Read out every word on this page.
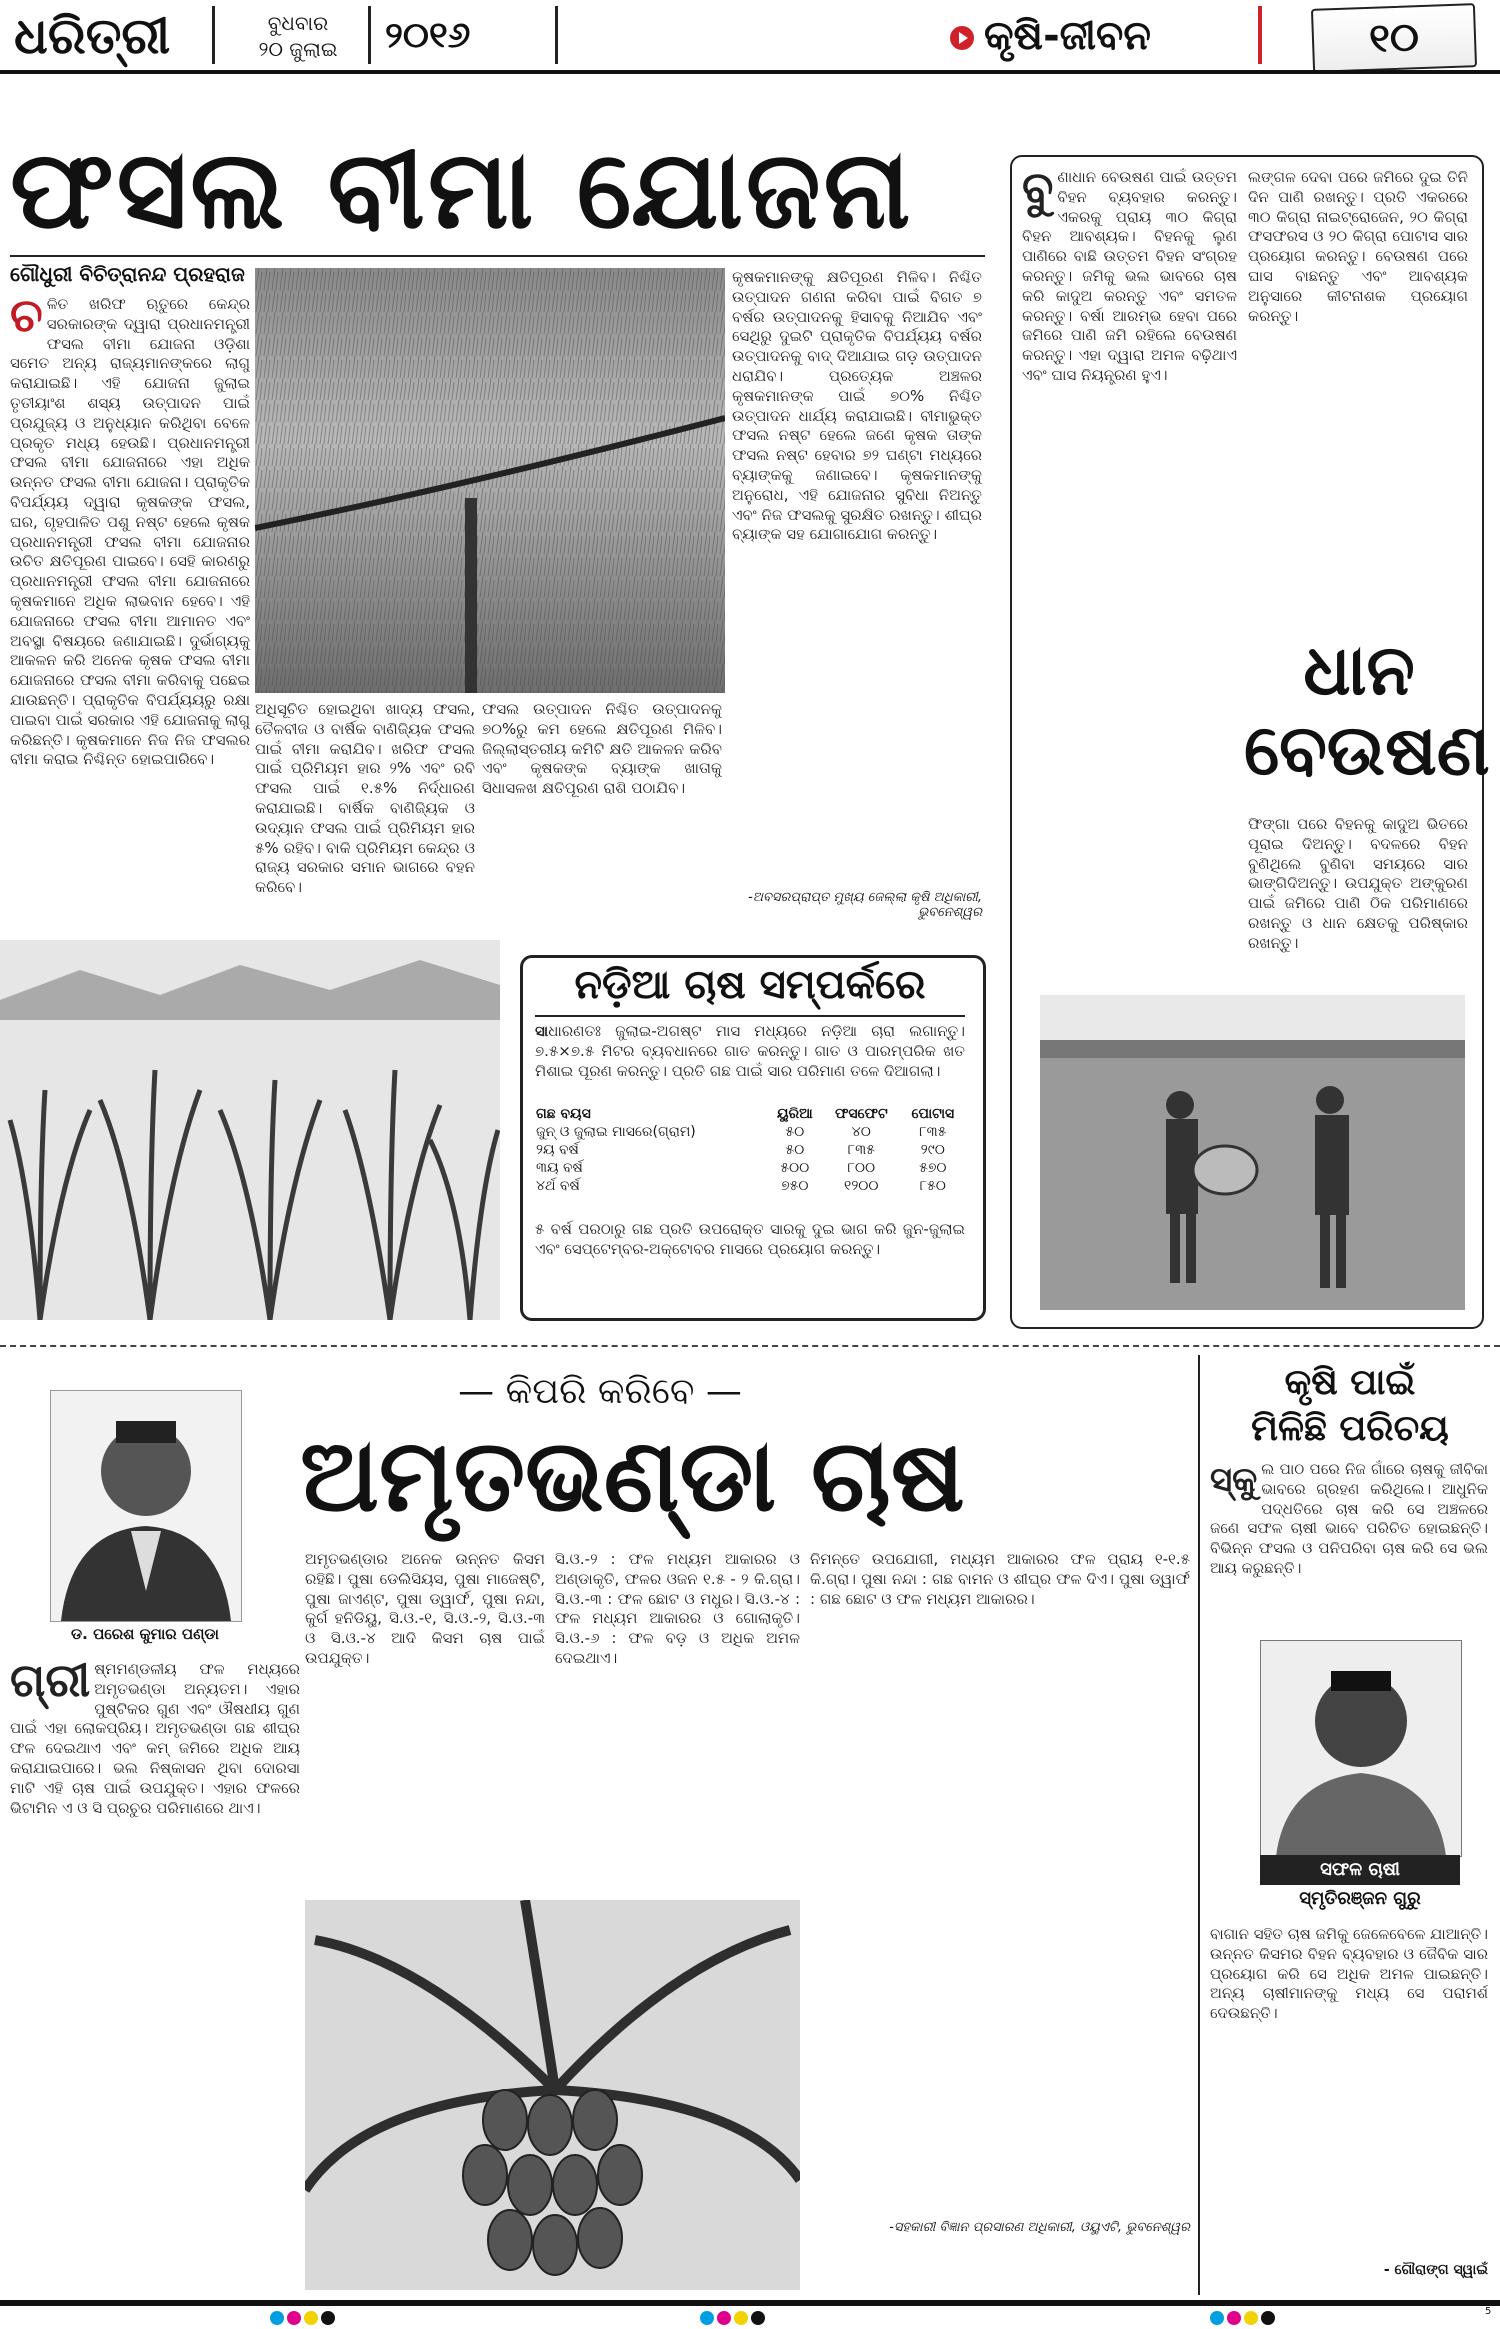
ଧରିତ୍ରୀ	ବୁଧବାର
୨୦ ଜୁଲାଇ	୨୦୧୬	କୃଷି-ଜୀବନ	୧୦
ଫସଲ ବୀମା ଯୋଜନା
ଗୌଧୁରୀ ବିଚିତ୍ରାନନ୍ଦ ପ୍ରହରାଜ
ଚଳିତ ଖରିଫ ଋତୁରେ କେନ୍ଦ୍ର ସରକାରଙ୍କ ଦ୍ୱାରା ପ୍ରଧାନମନ୍ତ୍ରୀ ଫସଲ ବୀମା ଯୋଜନା ଓଡ଼ିଶା ସମେତ ଅନ୍ୟ ରାଜ୍ୟମାନଙ୍କରେ ଲାଗୁ କରାଯାଇଛି। ଏହି ଯୋଜନା ଜୁଲାଇ ତୃତୀୟାଂଶ ଶସ୍ୟ ଉତ୍ପାଦନ ପାଇଁ ପ୍ରଯୁଜ୍ୟ ଓ ଅନୁଧ୍ୟାନ କରିଥିବା ବେଳେ ପ୍ରକୃତ ମଧ୍ୟ ହେଉଛି। ପ୍ରଧାନମନ୍ତ୍ରୀ ଫସଲ ବୀମା ଯୋଜନାରେ ଏହା ଅଧିକ ଉନ୍ନତ ଫସଲ ବୀମା ଯୋଜନା। ପ୍ରାକୃତିକ ବିପର୍ଯ୍ୟୟ ଦ୍ୱାରା କୃଷକଙ୍କ ଫସଲ, ଘର, ଗୃହପାଳିତ ପଶୁ ନଷ୍ଟ ହେଲେ କୃଷକ ପ୍ରଧାନମନ୍ତ୍ରୀ ଫସଲ ବୀମା ଯୋଜନାର ଉଚିତ କ୍ଷତିପୂରଣ ପାଇବେ। ସେହି କାରଣରୁ ପ୍ରଧାନମନ୍ତ୍ରୀ ଫସଲ ବୀମା ଯୋଜନାରେ କୃଷକମାନେ ଅଧିକ ଲାଭବାନ ହେବେ। ଏହି ଯୋଜନାରେ ଫସଲ ବୀମା ଆମାନତ ଏବଂ ଅବସ୍ଥା ବିଷୟରେ ଜଣାଯାଇଛି। ଦୁର୍ଭାଗ୍ୟକୁ ଆକଳନ କରି ଅନେକ କୃଷକ ଫସଲ ବୀମା ଯୋଜନାରେ ଫସଲ ବୀମା କରିବାକୁ ପଛେଇ ଯାଉଛନ୍ତି। ପ୍ରାକୃତିକ ବିପର୍ଯ୍ୟୟରୁ ରକ୍ଷା ପାଇବା ପାଇଁ ସରକାର ଏହି ଯୋଜନାକୁ ଲାଗୁ କରିଛନ୍ତି। କୃଷକମାନେ ନିଜ ନିଜ ଫସଲର ବୀମା କରାଇ ନିଶ୍ଚିନ୍ତ ହୋଇପାରିବେ।
ଅଧିସୂଚିତ ହୋଇଥିବା ଖାଦ୍ୟ ଫସଲ, ତୈଳବୀଜ ଓ ବାର୍ଷିକ ବାଣିଜ୍ୟିକ ଫସଲ ପାଇଁ ବୀମା କରାଯିବ। ଖରିଫ ଫସଲ ପାଇଁ ପ୍ରିମିୟମ ହାର ୨% ଏବଂ ରବି ଫସଲ ପାଇଁ ୧.୫% ନିର୍ଦ୍ଧାରଣ କରାଯାଇଛି। ବାର୍ଷିକ ବାଣିଜ୍ୟିକ ଓ ଉଦ୍ୟାନ ଫସଲ ପାଇଁ ପ୍ରିମିୟମ ହାର ୫% ରହିବ। ବାକି ପ୍ରିମିୟମ କେନ୍ଦ୍ର ଓ ରାଜ୍ୟ ସରକାର ସମାନ ଭାଗରେ ବହନ କରିବେ।
ଫସଲ ଉତ୍ପାଦନ ନିଶ୍ଚିତ ଉତ୍ପାଦନକୁ ୭୦%ରୁ କମ ହେଲେ କ୍ଷତିପୂରଣ ମିଳିବ। ଜିଲ୍ଲାସ୍ତରୀୟ କମିଟି କ୍ଷତି ଆକଳନ କରିବ ଏବଂ କୃଷକଙ୍କ ବ୍ୟାଙ୍କ ଖାତାକୁ ସିଧାସଳଖ କ୍ଷତିପୂରଣ ରାଶି ପଠାଯିବ।
କୃଷକମାନଙ୍କୁ କ୍ଷତିପୂରଣ ମିଳିବ। ନିଶ୍ଚିତ ଉତ୍ପାଦନ ଗଣନା କରିବା ପାଇଁ ବିଗତ ୭ ବର୍ଷର ଉତ୍ପାଦନକୁ ହିସାବକୁ ନିଆଯିବ ଏବଂ ସେଥିରୁ ଦୁଇଟି ପ୍ରାକୃତିକ ବିପର୍ଯ୍ୟୟ ବର୍ଷର ଉତ୍ପାଦନକୁ ବାଦ୍ ଦିଆଯାଇ ଗଡ଼ ଉତ୍ପାଦନ ଧରାଯିବ। ପ୍ରତ୍ୟେକ ଅଞ୍ଚଳର କୃଷକମାନଙ୍କ ପାଇଁ ୭୦% ନିଶ୍ଚିତ ଉତ୍ପାଦନ ଧାର୍ଯ୍ୟ କରାଯାଇଛି। ବୀମାଭୁକ୍ତ ଫସଲ ନଷ୍ଟ ହେଲେ ଜଣେ କୃଷକ ତାଙ୍କ ଫସଲ ନଷ୍ଟ ହେବାର ୭୨ ଘଣ୍ଟା ମଧ୍ୟରେ ବ୍ୟାଙ୍କକୁ ଜଣାଇବେ। କୃଷକମାନଙ୍କୁ ଅନୁରୋଧ, ଏହି ଯୋଜନାର ସୁବିଧା ନିଅନ୍ତୁ ଏବଂ ନିଜ ଫସଲକୁ ସୁରକ୍ଷିତ ରଖନ୍ତୁ। ଶୀଘ୍ର ବ୍ୟାଙ୍କ ସହ ଯୋଗାଯୋଗ କରନ୍ତୁ।
-ଅବସରପ୍ରାପ୍ତ ମୁଖ୍ୟ ଜେଲ୍ଲା କୃଷି ଅଧିକାରୀ, ଭୁବନେଶ୍ୱର
ବୁଣାଧାନ ବେଉଷଣ ପାଇଁ ଉତ୍ତମ ବିହନ ବ୍ୟବହାର କରନ୍ତୁ। ଏକରକୁ ପ୍ରାୟ ୩୦ କିଗ୍ରା ବିହନ ଆବଶ୍ୟକ। ବିହନକୁ ଲୁଣ ପାଣିରେ ବାଛି ଉତ୍ତମ ବିହନ ସଂଗ୍ରହ କରନ୍ତୁ। ଜମିକୁ ଭଲ ଭାବରେ ଚାଷ କରି କାଦୁଅ କରନ୍ତୁ ଏବଂ ସମତଳ କରନ୍ତୁ। ବର୍ଷା ଆରମ୍ଭ ହେବା ପରେ ଜମିରେ ପାଣି ଜମି ରହିଲେ ବେଉଷଣ କରନ୍ତୁ। ଏହା ଦ୍ୱାରା ଅମଳ ବଢ଼ିଥାଏ ଏବଂ ଘାସ ନିୟନ୍ତ୍ରଣ ହୁଏ।
ଲଙ୍ଗଳ ଦେବା ପରେ ଜମିରେ ଦୁଇ ତିନି ଦିନ ପାଣି ରଖନ୍ତୁ। ପ୍ରତି ଏକରରେ ୩୦ କିଗ୍ରା ନାଇଟ୍ରୋଜେନ, ୨୦ କିଗ୍ରା ଫସଫରସ ଓ ୨୦ କିଗ୍ରା ପୋଟାସ ସାର ପ୍ରୟୋଗ କରନ୍ତୁ। ବେଉଷଣ ପରେ ଘାସ ବାଛନ୍ତୁ ଏବଂ ଆବଶ୍ୟକ ଅନୁସାରେ କୀଟନାଶକ ପ୍ରୟୋଗ କରନ୍ତୁ।
ଧାନ
ବେଉଷଣ
ଫିଙ୍ଗା ପରେ ବିହନକୁ କାଦୁଅ ଭିତରେ ପୂରାଇ ଦିଅନ୍ତୁ। ବଦଳରେ ବିହନ ବୁଣିଥିଲେ ବୁଣିବା ସମୟରେ ସାର ଭାଙ୍ଗିଦିଅନ୍ତୁ। ଉପଯୁକ୍ତ ଅଙ୍କୁରଣ ପାଇଁ ଜମିରେ ପାଣି ଠିକ ପରିମାଣରେ ରଖନ୍ତୁ ଓ ଧାନ କ୍ଷେତକୁ ପରିଷ୍କାର ରଖନ୍ତୁ।
ନଡ଼ିଆ ଚାଷ ସମ୍ପର୍କରେ
ସାଧାରଣତଃ ଜୁଲାଇ-ଅଗଷ୍ଟ ମାସ ମଧ୍ୟରେ ନଡ଼ିଆ ଚାରା ଲଗାନ୍ତୁ। ୭.୫×୭.୫ ମିଟର ବ୍ୟବଧାନରେ ଗାତ କରନ୍ତୁ। ଗାତ ଓ ପାରମ୍ପରିକ ଖତ ମିଶାଇ ପୂରଣ କରନ୍ତୁ। ପ୍ରତି ଗଛ ପାଇଁ ସାର ପରିମାଣ ତଳେ ଦିଆଗଲା।
ଗଛ ବୟସ	ୟୁରିଆ	ଫସଫେଟ	ପୋଟାସ
ଜୁନ୍ ଓ ଜୁଲାଇ ମାସରେ(ଗ୍ରାମ)	୫୦	୪୦	୮୩୫
୨ୟ ବର୍ଷ	୫୦	୮୩୫	୨୯୦
୩ୟ ବର୍ଷ	୫୦୦	୮୦୦	୫୭୦
୪ର୍ଥ ବର୍ଷ	୭୫୦	୧୨୦୦	୮୫୦
୫ ବର୍ଷ ପରଠାରୁ ଗଛ ପ୍ରତି ଉପରୋକ୍ତ ସାରକୁ ଦୁଇ ଭାଗ କରି ଜୁନ-ଜୁଲାଇ ଏବଂ ସେପ୍ଟେମ୍ବର-ଅକ୍ଟୋବର ମାସରେ ପ୍ରୟୋଗ କରନ୍ତୁ।
ଡ. ପରେଶ କୁମାର ପଣ୍ଡା
— କିପରି କରିବେ —
ଅମୃତଭଣ୍ଡା ଚାଷ
ଗ୍ରୀ ଷ୍ମମଣ୍ଡଳୀୟ ଫଳ ମଧ୍ୟରେ ଅମୃତଭଣ୍ଡା ଅନ୍ୟତମ। ଏହାର ପୁଷ୍ଟିକର ଗୁଣ ଏବଂ ଔଷଧୀୟ ଗୁଣ ପାଇଁ ଏହା ଲୋକପ୍ରିୟ। ଅମୃତଭଣ୍ଡା ଗଛ ଶୀଘ୍ର ଫଳ ଦେଇଥାଏ ଏବଂ କମ୍ ଜମିରେ ଅଧିକ ଆୟ କରାଯାଇପାରେ। ଭଲ ନିଷ୍କାସନ ଥିବା ଦୋରସା ମାଟି ଏହି ଚାଷ ପାଇଁ ଉପଯୁକ୍ତ। ଏହାର ଫଳରେ ଭିଟାମିନ ଏ ଓ ସି ପ୍ରଚୁର ପରିମାଣରେ ଥାଏ।
ଅମୃତଭଣ୍ଡାର ଅନେକ ଉନ୍ନତ କିସମ ରହିଛି। ପୁଷା ଡେଲିସିୟସ, ପୁଷା ମାଜେଷ୍ଟି, ପୁଷା ଜାଏଣ୍ଟ, ପୁଷା ଡ୍ୱାର୍ଫ, ପୁଷା ନନ୍ଦା, କୁର୍ଗ ହନିଡିୟୁ, ସି.ଓ.-୧, ସି.ଓ.-୨, ସି.ଓ.-୩ ଓ ସି.ଓ.-୪ ଆଦି କିସମ ଚାଷ ପାଇଁ ଉପଯୁକ୍ତ।
ସି.ଓ.-୨ : ଫଳ ମଧ୍ୟମ ଆକାରର ଓ ଅଣ୍ଡାକୃତି, ଫଳର ଓଜନ ୧.୫ - ୨ କି.ଗ୍ରା। ସି.ଓ.-୩ : ଫଳ ଛୋଟ ଓ ମଧୁର। ସି.ଓ.-୪ : ଫଳ ମଧ୍ୟମ ଆକାରର ଓ ଗୋଲାକୃତି। ସି.ଓ.-୬ : ଫଳ ବଡ଼ ଓ ଅଧିକ ଅମଳ ଦେଇଥାଏ।
ନିମନ୍ତେ ଉପଯୋଗୀ, ମଧ୍ୟମ ଆକାରର ଫଳ ପ୍ରାୟ ୧-୧.୫ କି.ଗ୍ରା। ପୁଷା ନନ୍ଦା : ଗଛ ବାମନ ଓ ଶୀଘ୍ର ଫଳ ଦିଏ। ପୁଷା ଡ୍ୱାର୍ଫ : ଗଛ ଛୋଟ ଓ ଫଳ ମଧ୍ୟମ ଆକାରର।
-ସହକାରୀ ବିଜ୍ଞାନ ପ୍ରସାରଣ ଅଧିକାରୀ, ଓୟୁଏଟି, ଭୁବନେଶ୍ୱର
କୃଷି ପାଇଁ
ମିଳିଛି ପରିଚୟ
ସ୍କୁ ଲ ପାଠ ପରେ ନିଜ ଗାଁରେ ଚାଷକୁ ଜୀବିକା ଭାବରେ ଗ୍ରହଣ କରିଥିଲେ। ଆଧୁନିକ ପଦ୍ଧତିରେ ଚାଷ କରି ସେ ଅଞ୍ଚଳରେ ଜଣେ ସଫଳ ଚାଷୀ ଭାବେ ପରିଚିତ ହୋଇଛନ୍ତି। ବିଭିନ୍ନ ଫସଲ ଓ ପନିପରିବା ଚାଷ କରି ସେ ଭଲ ଆୟ କରୁଛନ୍ତି।
ସଫଳ ଚାଷୀ
ସ୍ମୃତିରଞ୍ଜନ ଗୁରୁ
ବାଗାନ ସହିତ ଚାଷ ଜମିକୁ ଜେଳେବେଳେ ଯାଆନ୍ତି। ଉନ୍ନତ କିସମର ବିହନ ବ୍ୟବହାର ଓ ଜୈବିକ ସାର ପ୍ରୟୋଗ କରି ସେ ଅଧିକ ଅମଳ ପାଇଛନ୍ତି। ଅନ୍ୟ ଚାଷୀମାନଙ୍କୁ ମଧ୍ୟ ସେ ପରାମର୍ଶ ଦେଉଛନ୍ତି।
- ଗୌରାଙ୍ଗ ସ୍ୱାଇଁ
5
